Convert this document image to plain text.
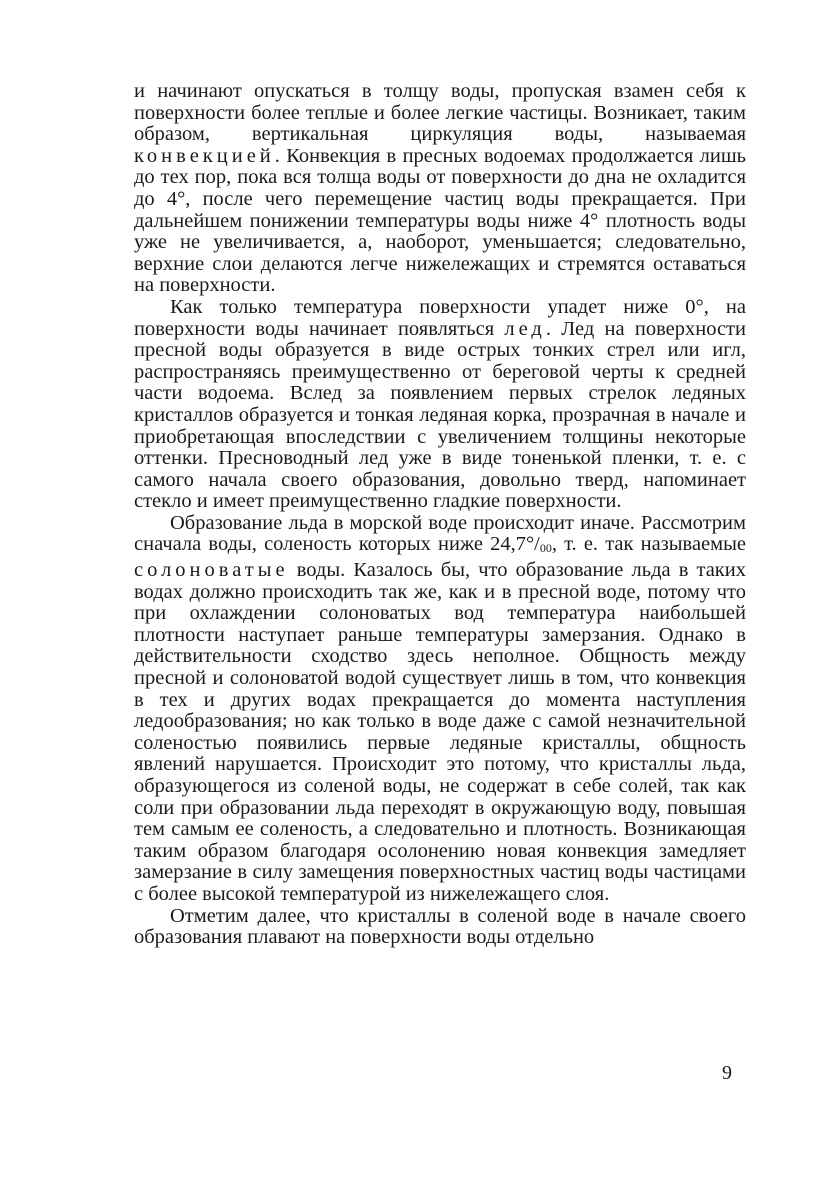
и начинают опускаться в толщу воды, пропуская взамен себя к поверхности более теплые и более легкие частицы. Возникает, таким образом, вертикальная циркуляция воды, называемая конвекцией. Конвекция в пресных водоемах продолжается лишь до тех пор, пока вся толща воды от поверхности до дна не охладится до 4°, после чего перемещение частиц воды прекращается. При дальнейшем понижении температуры воды ниже 4° плотность воды уже не увеличивается, а, наоборот, уменьшается; следовательно, верхние слои делаются легче нижележащих и стремятся оставаться на поверхности.

Как только температура поверхности упадет ниже 0°, на поверхности воды начинает появляться лед. Лед на поверхности пресной воды образуется в виде острых тонких стрел или игл, распространяясь преимущественно от береговой черты к средней части водоема. Вслед за появлением первых стрелок ледяных кристаллов образуется и тонкая ледяная корка, прозрачная в начале и приобретающая впоследствии с увеличением толщины некоторые оттенки. Пресноводный лед уже в виде тоненькой пленки, т. е. с самого начала своего образования, довольно тверд, напоминает стекло и имеет преимущественно гладкие поверхности.

Образование льда в морской воде происходит иначе. Рассмотрим сначала воды, соленость которых ниже 24,7°/00, т. е. так называемые солоноватые воды. Казалось бы, что образование льда в таких водах должно происходить так же, как и в пресной воде, потому что при охлаждении солоноватых вод температура наибольшей плотности наступает раньше температуры замерзания. Однако в действительности сходство здесь неполное. Общность между пресной и солоноватой водой существует лишь в том, что конвекция в тех и других водах прекращается до момента наступления ледообразования; но как только в воде даже с самой незначительной соленостью появились первые ледяные кристаллы, общность явлений нарушается. Происходит это потому, что кристаллы льда, образующегося из соленой воды, не содержат в себе солей, так как соли при образовании льда переходят в окружающую воду, повышая тем самым ее соленость, а следовательно и плотность. Возникающая таким образом благодаря осолонению новая конвекция замедляет замерзание в силу замещения поверхностных частиц воды частицами с более высокой температурой из нижележащего слоя.

Отметим далее, что кристаллы в соленой воде в начале своего образования плавают на поверхности воды отдельно

9
